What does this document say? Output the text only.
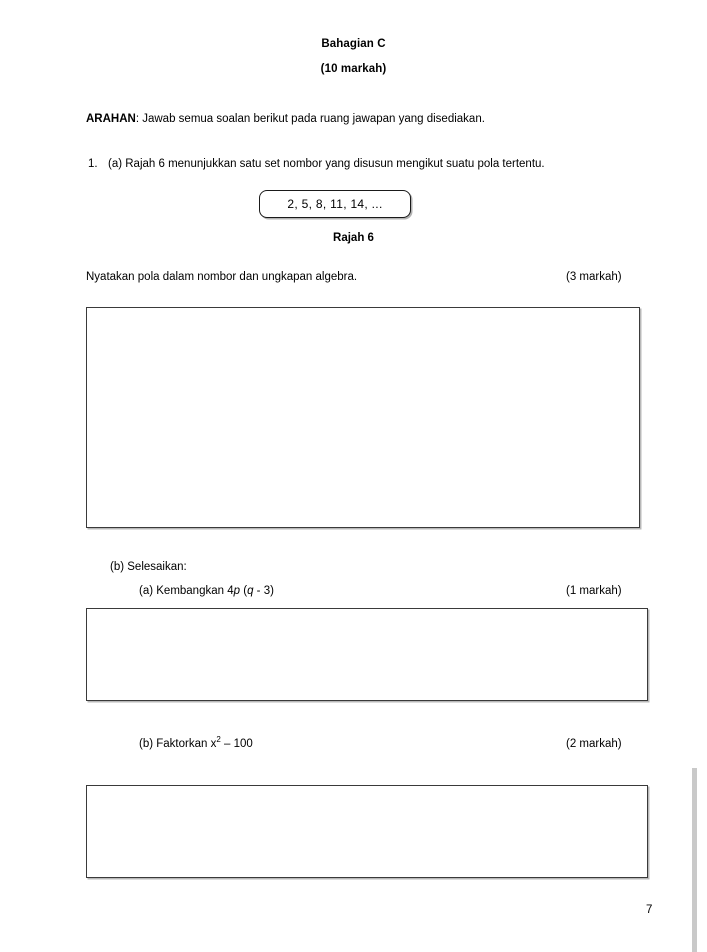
Bahagian C
(10 markah)
ARAHAN: Jawab semua soalan berikut pada ruang jawapan yang disediakan.
1. (a) Rajah 6 menunjukkan satu set nombor yang disusun mengikut suatu pola tertentu.
2, 5, 8, 11, 14, ...
Rajah 6
Nyatakan pola dalam nombor dan ungkapan algebra.	(3 markah)
(b) Selesaikan:
(a) Kembangkan 4p (q - 3)	(1 markah)
(b) Faktorkan $x^2 - 100$	(2 markah)
7
